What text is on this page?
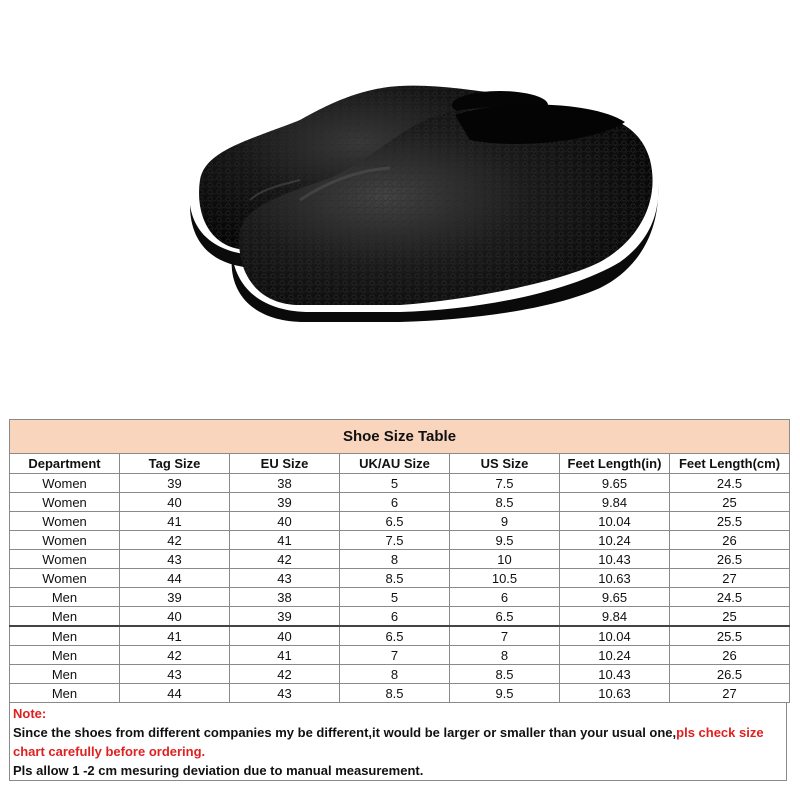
Shoe Size Table						
Department	Tag Size	EU Size	UK/AU Size	US Size	Feet Length(in)	Feet Length(cm)
Women	39	38	5	7.5	9.65	24.5
Women	40	39	6	8.5	9.84	25
Women	41	40	6.5	9	10.04	25.5
Women	42	41	7.5	9.5	10.24	26
Women	43	42	8	10	10.43	26.5
Women	44	43	8.5	10.5	10.63	27
Men	39	38	5	6	9.65	24.5
Men	40	39	6	6.5	9.84	25
Men	41	40	6.5	7	10.04	25.5
Men	42	41	7	8	10.24	26
Men	43	42	8	8.5	10.43	26.5
Men	44	43	8.5	9.5	10.63	27
Note:
Since the shoes from different companies my be different,it would be larger or smaller than your usual one,pls check size chart carefully before ordering.
Pls allow 1 -2 cm mesuring deviation due to manual measurement.
